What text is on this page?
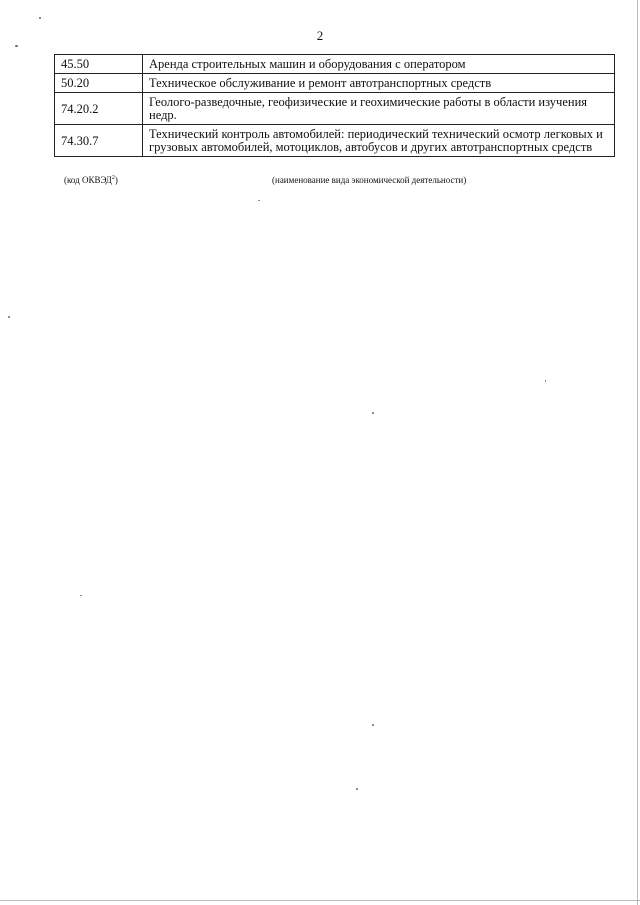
2
45.50	Аренда строительных машин и оборудования с оператором
50.20	Техническое обслуживание и ремонт автотранспортных средств
74.20.2	Геолого-разведочные, геофизические и геохимические работы в области изучения недр.
74.30.7	Технический контроль автомобилей: периодический технический осмотр легковых и грузовых автомобилей, мотоциклов, автобусов и других автотранспортных средств
(код ОКВЭД$^2$)	(наименование вида экономической деятельности)
